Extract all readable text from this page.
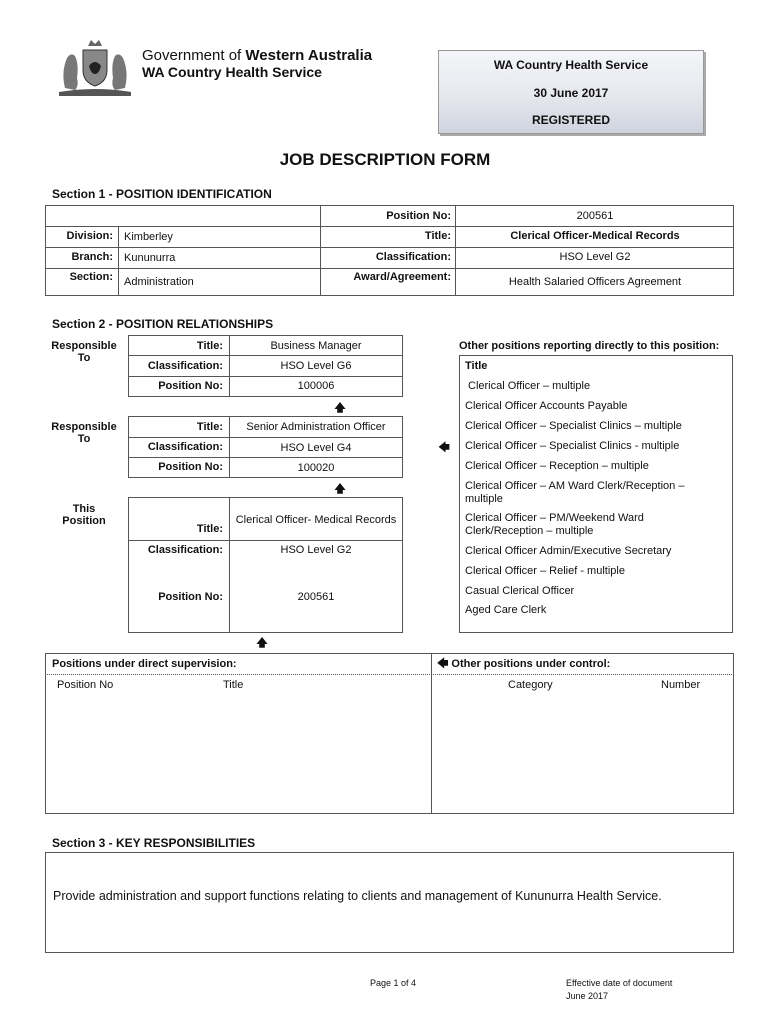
Government of Western Australia
WA Country Health Service	WA Country Health Service
30 June 2017
REGISTERED
JOB DESCRIPTION FORM
Section 1 - POSITION IDENTIFICATION
Position No:	200561
Division: Kimberley	Title:	Clerical Officer-Medical Records
Branch: Kununurra	Classification:	HSO Level G2
Section: Administration	Award/Agreement:	Health Salaried Officers Agreement
Section 2 - POSITION RELATIONSHIPS
Responsible
To
Title:	Business Manager
Classification:	HSO Level G6
Position No:	100006
🡅
Responsible
To
Title:	Senior Administration Officer
Classification:	HSO Level G4
Position No:	100020
🡄
🡅
This
Position
Title:
Clerical Officer- Medical Records
Classification:	HSO Level G2
Position No:	200561
🡅
Other positions reporting directly to this position:
Title
Clerical Officer – multiple
Clerical Officer Accounts Payable
Clerical Officer – Specialist Clinics – multiple
Clerical Officer – Specialist Clinics - multiple
Clerical Officer – Reception – multiple
Clerical Officer – AM Ward Clerk/Reception –
multiple
Clerical Officer – PM/Weekend Ward
Clerk/Reception – multiple
Clerical Officer Admin/Executive Secretary
Clerical Officer – Relief - multiple
Casual Clerical Officer
Aged Care Clerk
Positions under direct supervision:	🡄 Other positions under control:
Position No	Title	Category	Number
Section 3 - KEY RESPONSIBILITIES
Provide administration and support functions relating to clients and management of Kununurra Health Service.
Page 1 of 4	Effective date of document
June 2017
